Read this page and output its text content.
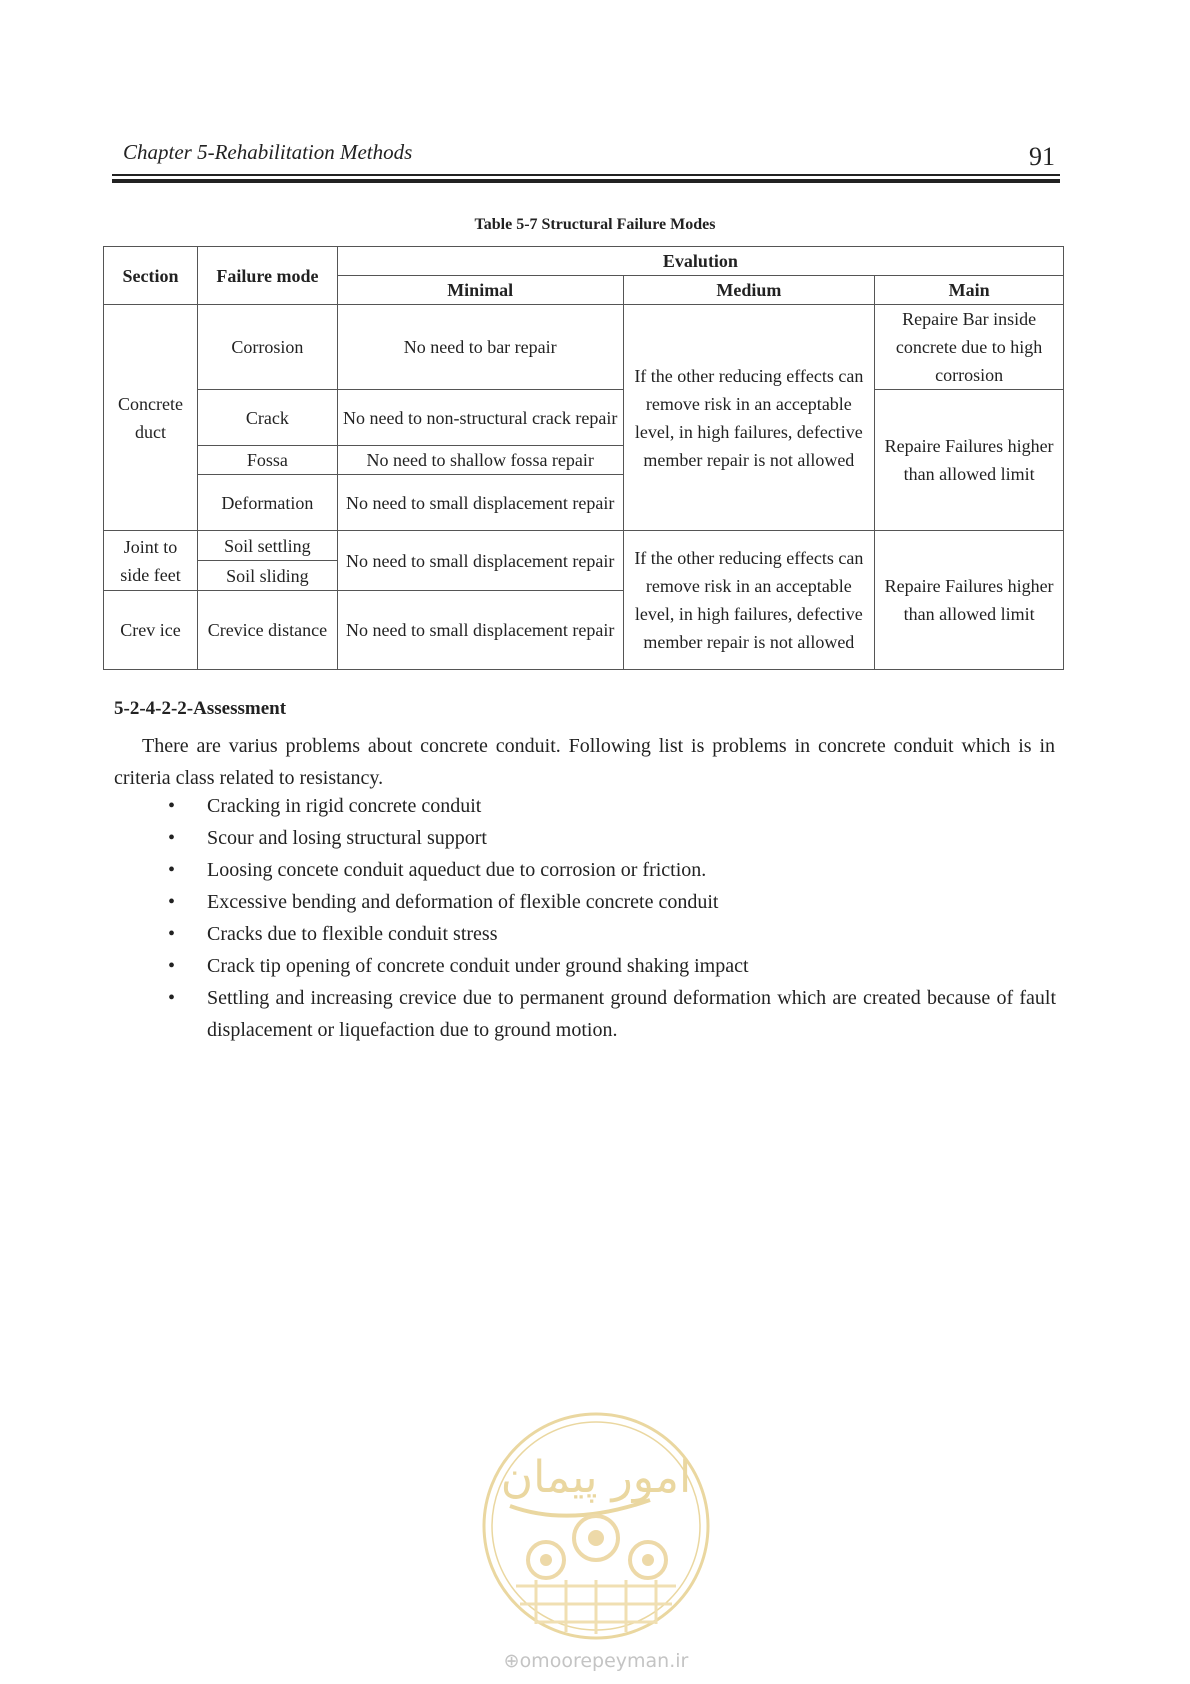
Chapter 5-Rehabilitation Methods	91
Table 5-7 Structural Failure Modes
Section	Failure mode	Evalution		
		Minimal	Medium	Main
Concrete duct	Corrosion	No need to bar repair	If the other reducing effects can remove risk in an acceptable level, in high failures, defective member repair is not allowed	Repaire Bar inside concrete due to high corrosion
	Crack	No need to non-structural crack repair		Repaire Failures higher than allowed limit
	Fossa	No need to shallow fossa repair		
	Deformation	No need to small displacement repair		
Joint to side feet	Soil settling	No need to small displacement repair	If the other reducing effects can remove risk in an acceptable level, in high failures, defective member repair is not allowed	Repaire Failures higher than allowed limit
	Soil sliding			
Crev ice	Crevice distance	No need to small displacement repair		
5-2-4-2-2-Assessment
There are varius problems about concrete conduit. Following list is problems in concrete conduit which is in criteria class related to resistancy.
• Cracking in rigid concrete conduit
• Scour and losing structural support
• Loosing concete conduit aqueduct due to corrosion or friction.
• Excessive bending and deformation of flexible concrete conduit
• Cracks due to flexible conduit stress
• Crack tip opening of concrete conduit under ground shaking impact
• Settling and increasing crevice due to permanent ground deformation which are created because of fault displacement or liquefaction due to ground motion.
امور پیمان
⊕omoorepeyman.ir
